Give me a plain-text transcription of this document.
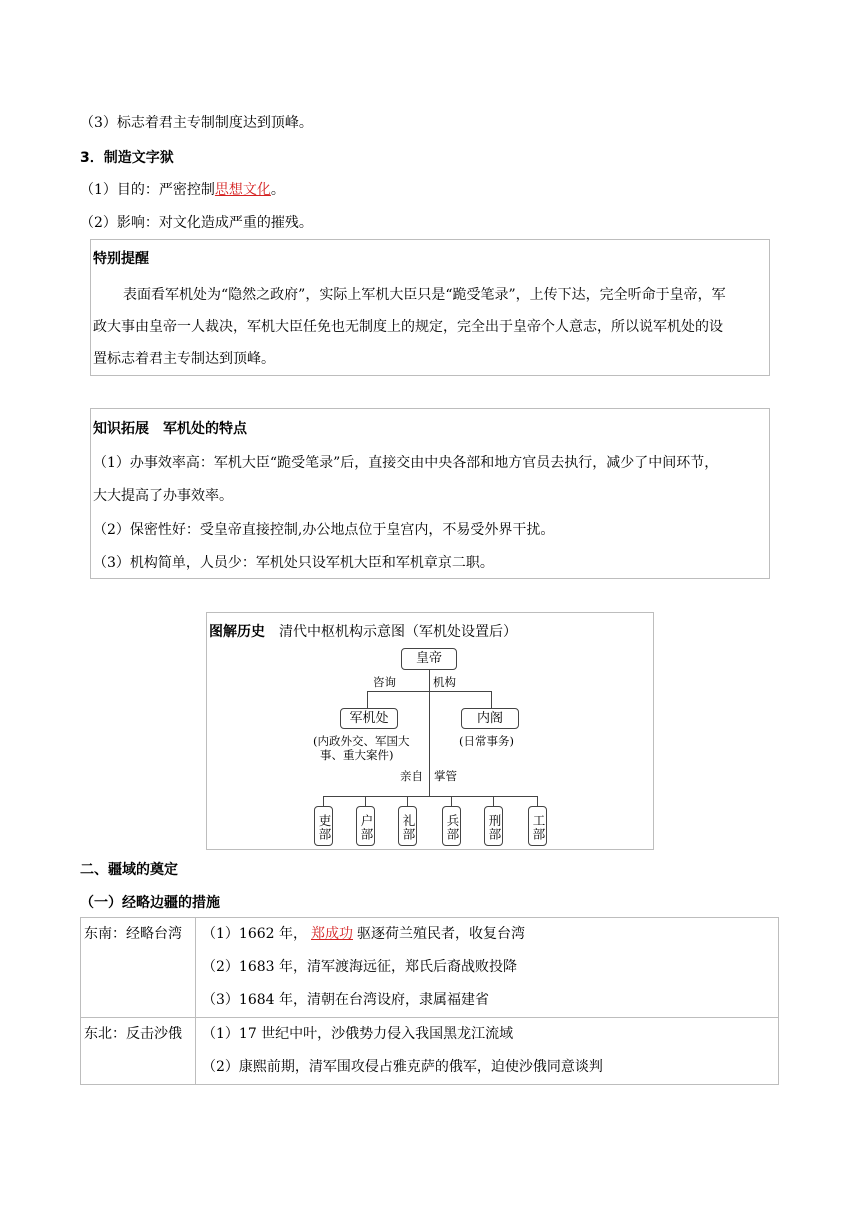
（3）标志着君主专制制度达到顶峰。
3．制造文字狱
（1）目的：严密控制思想文化。
（2）影响：对文化造成严重的摧残。
特别提醒
表面看军机处为“隐然之政府”，实际上军机大臣只是“跪受笔录”，上传下达，完全听命于皇帝，军
政大事由皇帝一人裁决，军机大臣任免也无制度上的规定，完全出于皇帝个人意志，所以说军机处的设
置标志着君主专制达到顶峰。
知识拓展　军机处的特点
（1）办事效率高：军机大臣“跪受笔录”后，直接交由中央各部和地方官员去执行，减少了中间环节，
大大提高了办事效率。
（2）保密性好：受皇帝直接控制,办公地点位于皇宫内，不易受外界干扰。
（3）机构简单，人员少：军机处只设军机大臣和军机章京二职。
图解历史　 清代中枢机构示意图（军机处设置后）
皇帝
咨询	机构
军机处
(内政外交、军国大
事、重大案件)
内阁
(日常事务)
亲自 掌管
吏部 户部 礼部 兵部 刑部 工部
二、疆域的奠定
（一）经略边疆的措施
东南：经略台湾	（1）1662 年， 郑成功 驱逐荷兰殖民者，收复台湾
（2）1683 年，清军渡海远征，郑氏后裔战败投降
（3）1684 年，清朝在台湾设府，隶属福建省

东北：反击沙俄	（1）17 世纪中叶，沙俄势力侵入我国黑龙江流域
（2）康熙前期，清军围攻侵占雅克萨的俄军，迫使沙俄同意谈判
